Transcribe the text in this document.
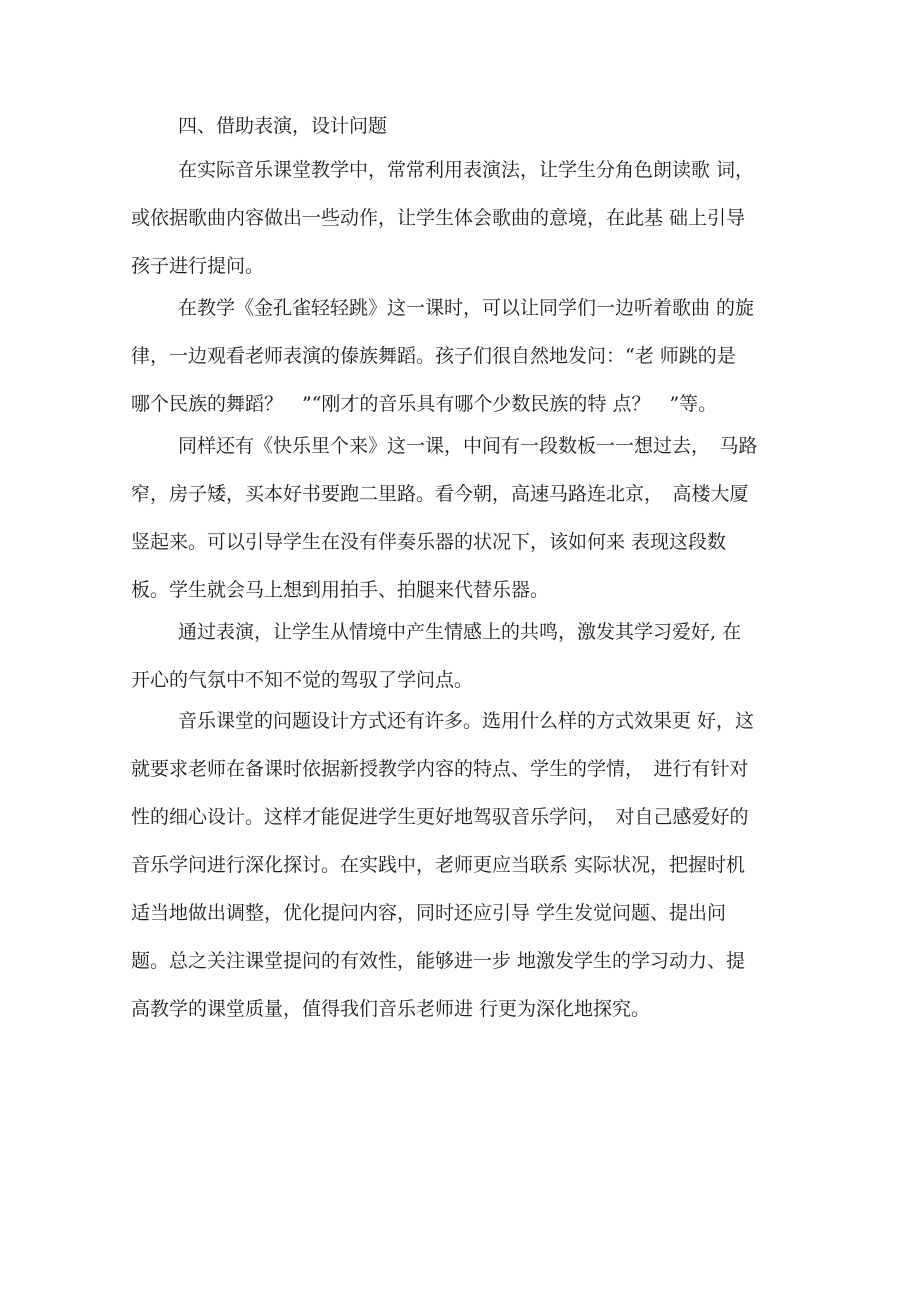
四、借助表演，设计问题
在实际音乐课堂教学中，常常利用表演法，让学生分角色朗读歌 词，
或依据歌曲内容做出一些动作，让学生体会歌曲的意境，在此基 础上引导
孩子进行提问。
在教学《金孔雀轻轻跳》这一课时，可以让同学们一边听着歌曲 的旋
律，一边观看老师表演的傣族舞蹈。孩子们很自然地发问：“老 师跳的是
哪个民族的舞蹈？　”“刚才的音乐具有哪个少数民族的特 点？　”等。
同样还有《快乐里个来》这一课，中间有一段数板一一想过去，　马路
窄，房子矮，买本好书要跑二里路。看今朝，高速马路连北京，　高楼大厦
竖起来。可以引导学生在没有伴奏乐器的状况下，该如何来 表现这段数
板。学生就会马上想到用拍手、拍腿来代替乐器。
通过表演，让学生从情境中产生情感上的共鸣，激发其学习爱好, 在
开心的气氛中不知不觉的驾驭了学问点。
音乐课堂的问题设计方式还有许多。选用什么样的方式效果更 好，这
就要求老师在备课时依据新授教学内容的特点、学生的学情，　进行有针对
性的细心设计。这样才能促进学生更好地驾驭音乐学问，　对自己感爱好的
音乐学问进行深化探讨。在实践中，老师更应当联系 实际状况，把握时机
适当地做出调整，优化提问内容，同时还应引导 学生发觉问题、提出问
题。总之关注课堂提问的有效性，能够进一步 地激发学生的学习动力、提
高教学的课堂质量，值得我们音乐老师进 行更为深化地探究。
